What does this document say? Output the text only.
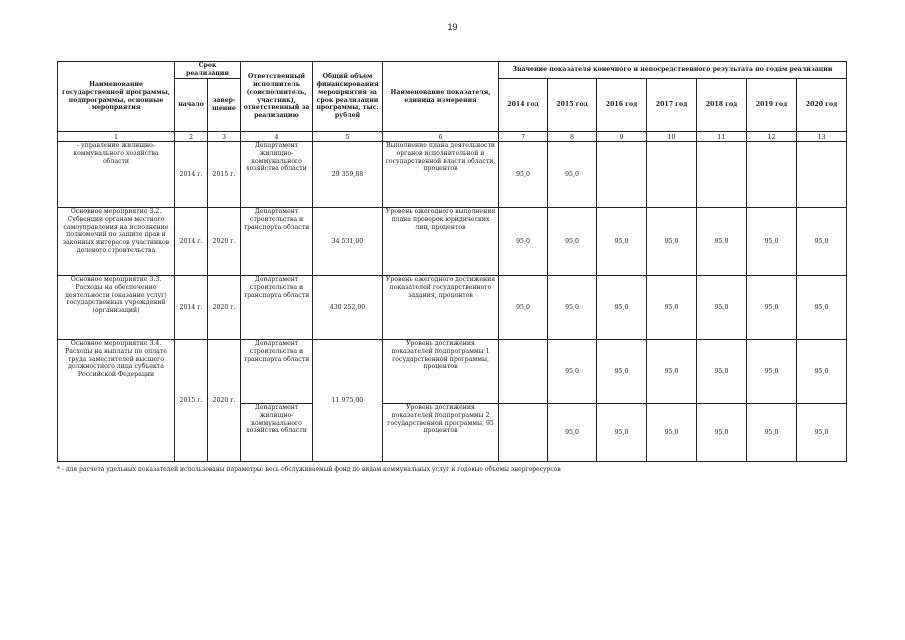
19
Наименование государственной программы, подпрограммы, основные мероприятия	Срок реализации		Ответственный исполнитель (соисполнитель, участник), ответственный за реализацию	Общий объем финансирования мероприятия за срок реализации программы, тыс. рублей	Наименование показателя, единица измерения	Значение показателя конечного и непосредственного результата по годам реализации						
	начало	завер-шение				2014 год	2015 год	2016 год	2017 год	2018 год	2019 год	2020 год
1	2	3	4	5	6	7	8	9	10	11	12	13
- управление жилищно-коммунального хозяйства области	2014 г.	2015 г.	Департамент жилищно-коммунального хозяйства области	29 359,88	Выполнение плана деятельности органов исполнительной и государственной власти области, процентов	95,0	95,0					
Основное мероприятие 3.2. Субвенции органам местного самоуправления на исполнение полномочий по защите прав и законных интересов участников долевого строительства	2014 г.	2020 г.	Департамент строительства и транспорта области	34 531,00	Уровень ежегодного выполнения плана проверок юридических лиц, процентов	95,0	95,0	95,0	95,0	95,0	95,0	95,0
Основное мероприятие 3.3. Расходы на обеспечение деятельности (оказание услуг) государственных учреждений (организаций)	2014 г.	2020 г.	Департамент строительства и транспорта области	430 252,00	Уровень ежегодного достижения показателей государственного задания, процентов	95,0	95,0	95,0	95,0	95,0	95,0	95,0
Основное мероприятие 3.4. Расходы на выплаты по оплате труда заместителей высшего должностного лица субъекта Российской Федерации	2015 г.	2020 г.	Департамент строительства и транспорта области	11 975,00	Уровень достижения показателей подпрограммы 1 государственной программы, процентов		95,0	95,0	95,0	95,0	95,0	95,0
			Департамент жилищно-коммунального хозяйства области		Уровень достижения показателей подпрограммы 2 государственной программы, 95 процентов		95,0	95,0	95,0	95,0	95,0	95,0
* - для расчета удельных показателей использованы параметры: весь обслуживаемый фонд по видам коммунальных услуг и годовые объемы энергоресурсов
